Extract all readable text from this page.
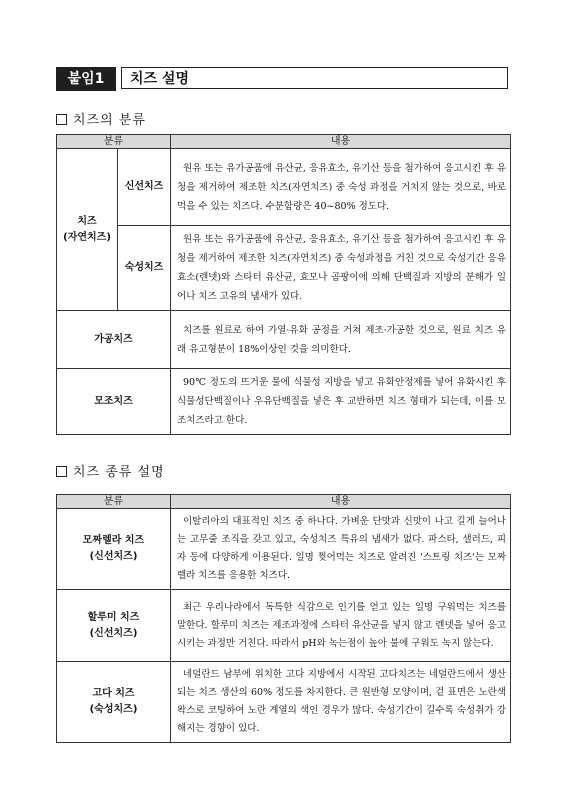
붙임1	치즈 설명
치즈의 분류
분류		내용

치즈
(자연치즈)	신선치즈	원유 또는 유가공품에 유산균, 응유효소, 유기산 등을 첨가하여 응고시킨 후 유청을 제거하여 제조한 치즈(자연치즈) 중 숙성 과정을 거치지 않는 것으로, 바로 먹을 수 있는 치즈다. 수분함량은 40~80% 정도다.
	숙성치즈	원유 또는 유가공품에 유산균, 응유효소, 유기산 등을 첨가하여 응고시킨 후 유청을 제거하여 제조한 치즈(자연치즈) 중 숙성과정을 거친 것으로 숙성기간 응유효소(렌넷)와 스타터 유산균, 효모나 곰팡이에 의해 단백질과 지방의 분해가 일어나 치즈 고유의 냄새가 있다.
가공치즈		치즈를 원료로 하여 가열·유화 공정을 거쳐 제조·가공한 것으로, 원료 치즈 유래 유고형분이 18%이상인 것을 의미한다.
모조치즈		90℃ 정도의 뜨거운 물에 식물성 지방을 넣고 유화안정제를 넣어 유화시킨 후 식물성단백질이나 우유단백질을 넣은 후 교반하면 치즈 형태가 되는데, 이를 모조치즈라고 한다.
치즈 종류 설명
분류	내용

모짜렐라 치즈
(신선치즈)	이탈리아의 대표적인 치즈 중 하나다. 가벼운 단맛과 신맛이 나고 길게 늘어나는 고무줄 조직을 갖고 있고, 숙성치즈 특유의 냄새가 없다. 파스타, 샐러드, 피자 등에 다양하게 이용된다. 일명 찢어먹는 치즈로 알려진 '스트링 치즈'는 모짜렐라 치즈를 응용한 치즈다.

할루미 치즈
(신선치즈)	최근 우리나라에서 독특한 식감으로 인기를 얻고 있는 일명 구워먹는 치즈를 말한다. 할루미 치즈는 제조과정에 스타터 유산균을 넣지 않고 렌넷을 넣어 응고시키는 과정만 거친다. 따라서 pH와 녹는점이 높아 불에 구워도 녹지 않는다.

고다 치즈
(숙성치즈)	네덜란드 남부에 위치한 고다 지방에서 시작된 고다치즈는 네덜란드에서 생산되는 치즈 생산의 60% 정도를 차지한다. 큰 원반형 모양이며, 겉 표면은 노란색 왁스로 코팅하여 노란 계열의 색인 경우가 많다. 숙성기간이 길수록 숙성취가 강해지는 경향이 있다.
